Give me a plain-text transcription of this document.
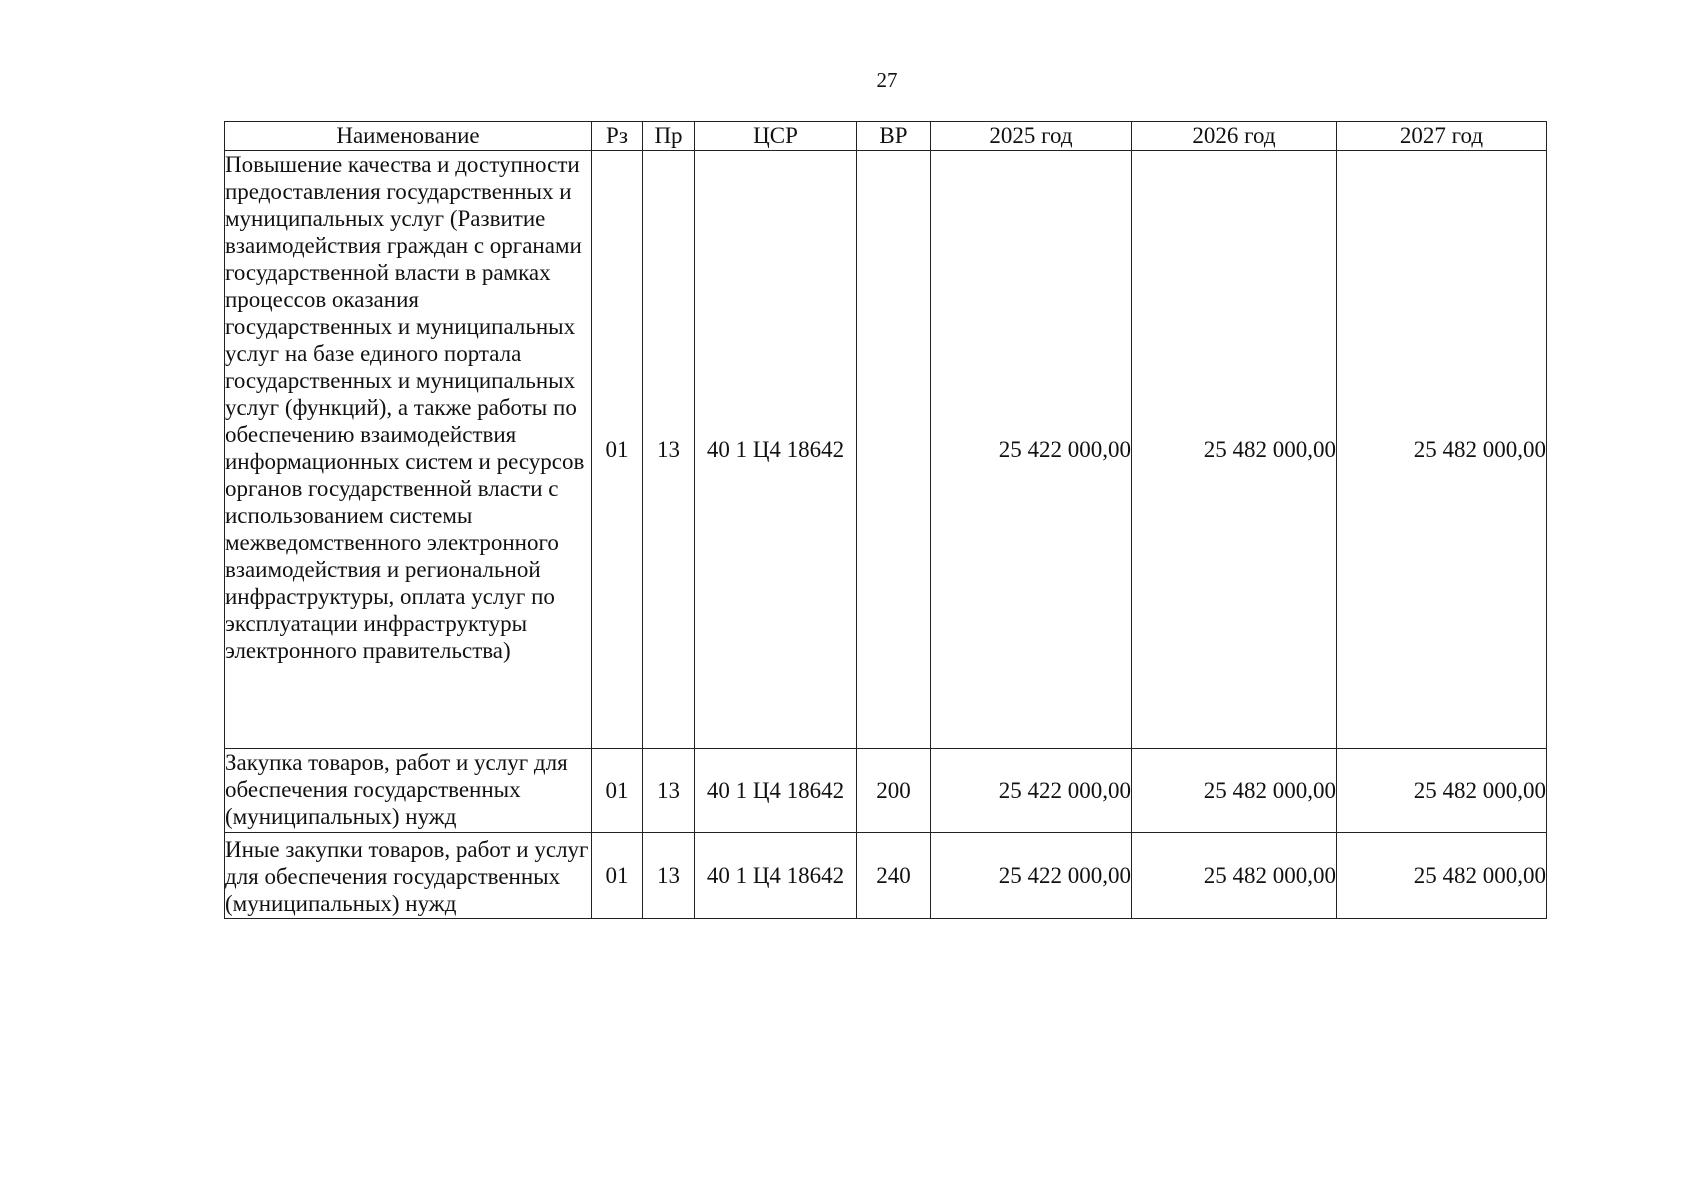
27
Наименование	Рз	Пр	ЦСР	ВР	2025 год	2026 год	2027 год
Повышение качества и доступности предоставления государственных и муниципальных услуг (Развитие взаимодействия граждан с органами государственной власти в рамках процессов оказания государственных и муниципальных услуг на базе единого портала государственных и муниципальных услуг (функций), а также работы по обеспечению взаимодействия информационных систем и ресурсов органов государственной власти с использованием системы межведомственного электронного взаимодействия и региональной инфраструктуры, оплата услуг по эксплуатации инфраструктуры электронного правительства)	01	13	40 1 Ц4 18642		25 422 000,00	25 482 000,00	25 482 000,00
Закупка товаров, работ и услуг для обеспечения государственных (муниципальных) нужд	01	13	40 1 Ц4 18642	200	25 422 000,00	25 482 000,00	25 482 000,00
Иные закупки товаров, работ и услуг для обеспечения государственных (муниципальных) нужд	01	13	40 1 Ц4 18642	240	25 422 000,00	25 482 000,00	25 482 000,00
